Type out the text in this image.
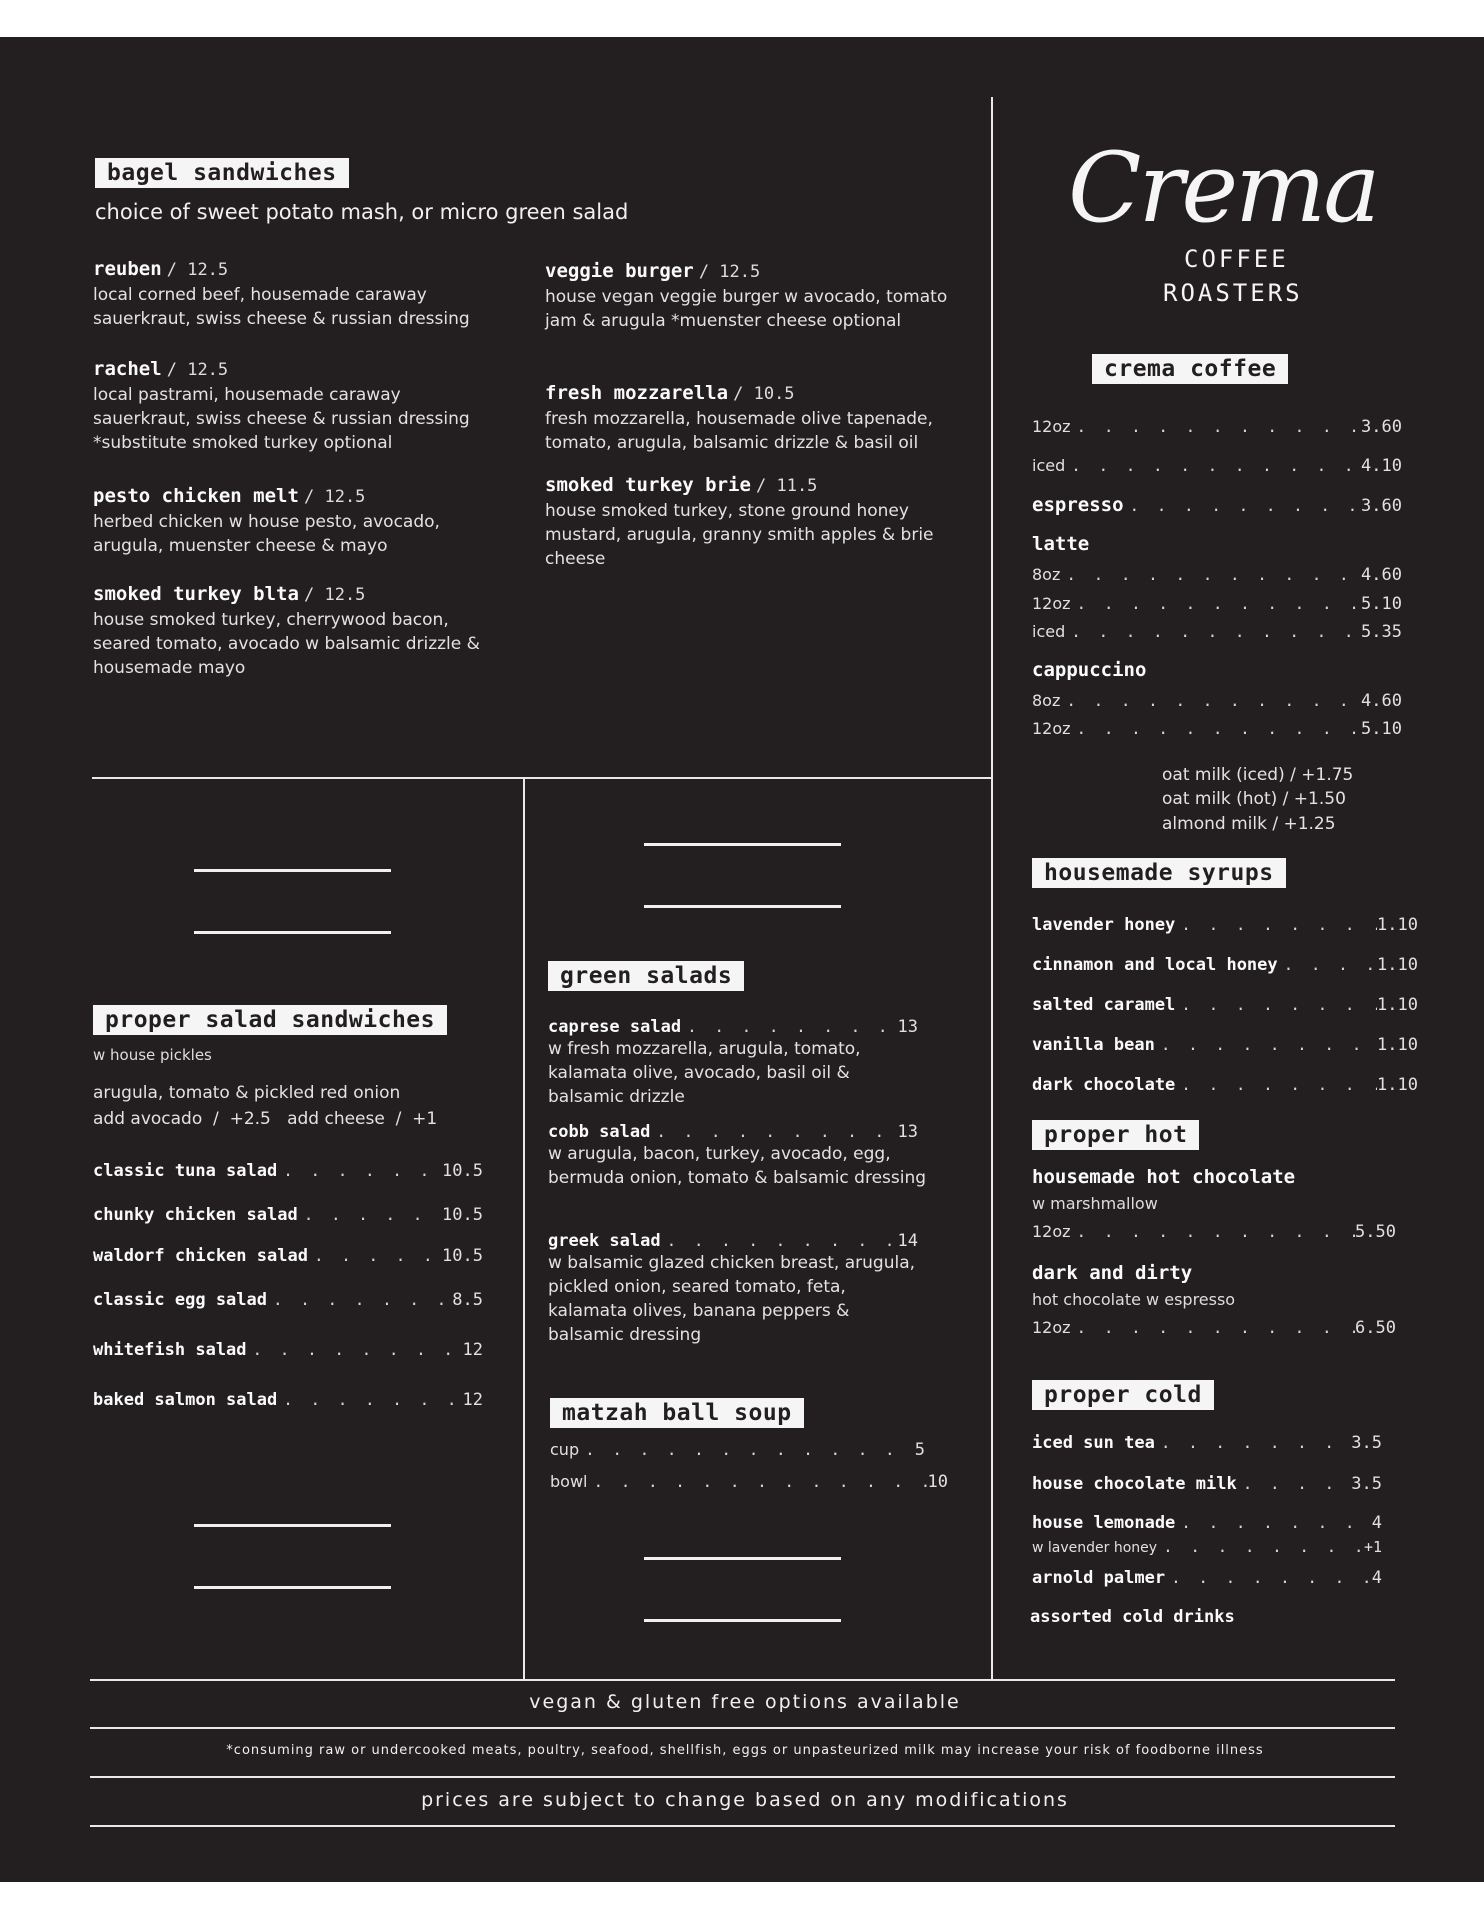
bagel sandwiches
choice of sweet potato mash, or micro green salad
reuben / 12.5
local corned beef, housemade caraway sauerkraut, swiss cheese & russian dressing
rachel / 12.5
local pastrami, housemade caraway sauerkraut, swiss cheese & russian dressing *substitute smoked turkey optional
pesto chicken melt / 12.5
herbed chicken w house pesto, avocado, arugula, muenster cheese & mayo
smoked turkey blta / 12.5
house smoked turkey, cherrywood bacon, seared tomato, avocado w balsamic drizzle & housemade mayo
veggie burger / 12.5
house vegan veggie burger w avocado, tomato jam & arugula *muenster cheese optional
fresh mozzarella / 10.5
fresh mozzarella, housemade olive tapenade, tomato, arugula, balsamic drizzle & basil oil
smoked turkey brie / 11.5
house smoked turkey, stone ground honey mustard, arugula, granny smith apples & brie cheese
proper salad sandwiches
w house pickles
arugula, tomato & pickled red onion
add avocado  /  +2.5   add cheese  /  +1
classic tuna salad . . .	10.5
chunky chicken salad . . .	10.5
waldorf chicken salad . . .	10.5
classic egg salad . . .	8.5
whitefish salad . . .	12
baked salmon salad . . .	12
green salads
caprese salad . . .	13
w fresh mozzarella, arugula, tomato, kalamata olive, avocado, basil oil & balsamic drizzle
cobb salad . . .	13
w arugula, bacon, turkey, avocado, egg, bermuda onion, tomato & balsamic dressing
greek salad . . .	14
w balsamic glazed chicken breast, arugula, pickled onion, seared tomato, feta, kalamata olives, banana peppers & balsamic dressing
matzah ball soup
cup . . .	5
bowl . . .	10
Crema
COFFEE
ROASTERS
crema coffee
12oz . . .	3.60
iced . . .	4.10
espresso . . .	3.60
latte
8oz . . .	4.60
12oz . . .	5.10
iced . . .	5.35
cappuccino
8oz . . .	4.60
12oz . . .	5.10
oat milk (iced) / +1.75
oat milk (hot) / +1.50
almond milk / +1.25
housemade syrups
lavender honey . . .	1.10
cinnamon and local honey . . .	1.10
salted caramel . . .	1.10
vanilla bean . . .	1.10
dark chocolate . . .	1.10
proper hot
housemade hot chocolate
w marshmallow
12oz . . .	5.50
dark and dirty
hot chocolate w espresso
12oz . . .	6.50
proper cold
iced sun tea . . .	3.5
house chocolate milk . . .	3.5
house lemonade . . .	4
w lavender honey . . .	+1
arnold palmer . . .	4
assorted cold drinks
vegan & gluten free options available
*consuming raw or undercooked meats, poultry, seafood, shellfish, eggs or unpasteurized milk may increase your risk of foodborne illness
prices are subject to change based on any modifications
